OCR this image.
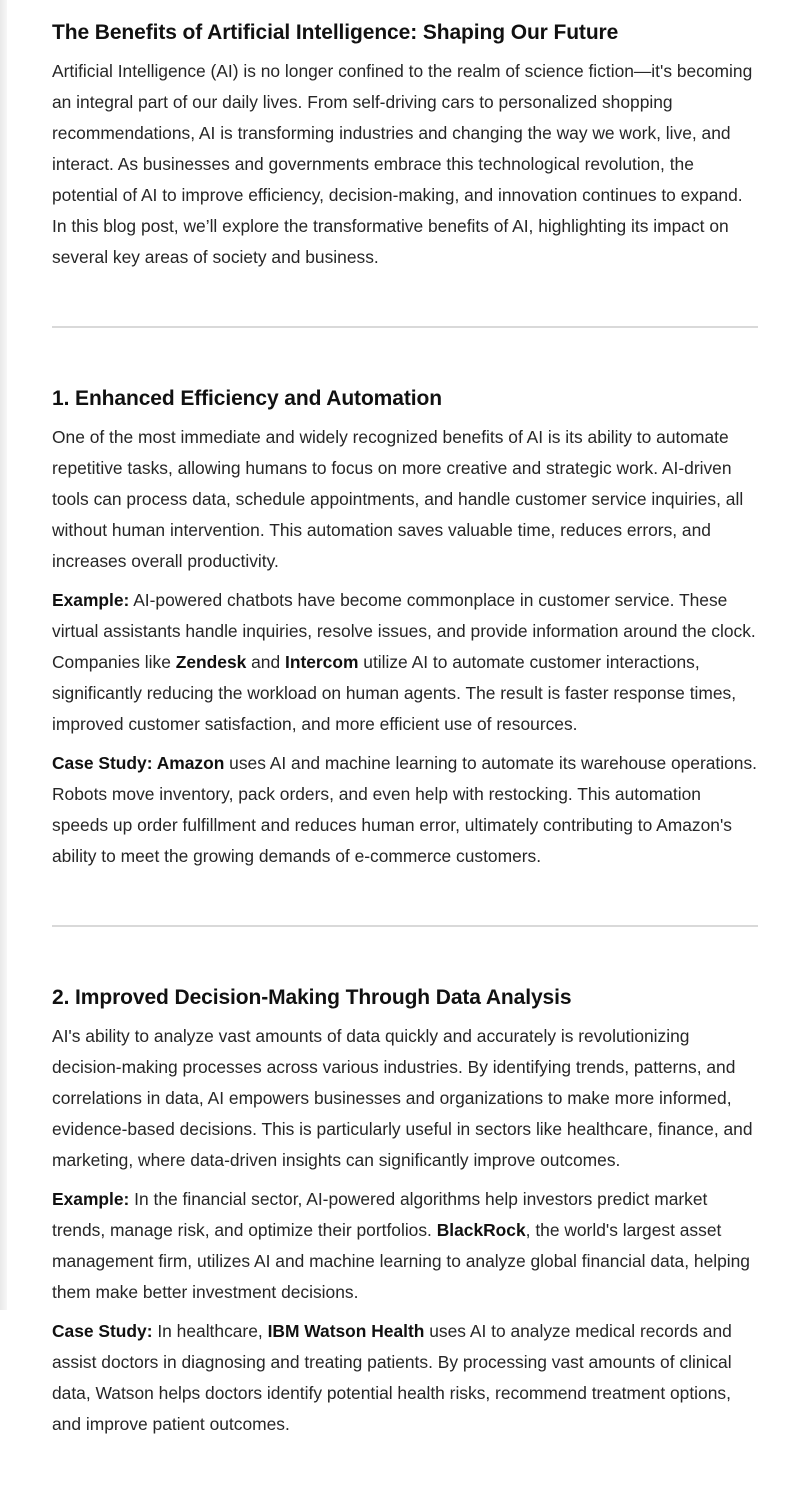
The Benefits of Artificial Intelligence: Shaping Our Future

Artificial Intelligence (AI) is no longer confined to the realm of science fiction—it's becoming an integral part of our daily lives. From self-driving cars to personalized shopping recommendations, AI is transforming industries and changing the way we work, live, and interact. As businesses and governments embrace this technological revolution, the potential of AI to improve efficiency, decision-making, and innovation continues to expand. In this blog post, we’ll explore the transformative benefits of AI, highlighting its impact on several key areas of society and business.

1. Enhanced Efficiency and Automation

One of the most immediate and widely recognized benefits of AI is its ability to automate repetitive tasks, allowing humans to focus on more creative and strategic work. AI-driven tools can process data, schedule appointments, and handle customer service inquiries, all without human intervention. This automation saves valuable time, reduces errors, and increases overall productivity.

Example: AI-powered chatbots have become commonplace in customer service. These virtual assistants handle inquiries, resolve issues, and provide information around the clock. Companies like Zendesk and Intercom utilize AI to automate customer interactions, significantly reducing the workload on human agents. The result is faster response times, improved customer satisfaction, and more efficient use of resources.

Case Study: Amazon uses AI and machine learning to automate its warehouse operations. Robots move inventory, pack orders, and even help with restocking. This automation speeds up order fulfillment and reduces human error, ultimately contributing to Amazon's ability to meet the growing demands of e-commerce customers.

2. Improved Decision-Making Through Data Analysis

AI's ability to analyze vast amounts of data quickly and accurately is revolutionizing decision-making processes across various industries. By identifying trends, patterns, and correlations in data, AI empowers businesses and organizations to make more informed, evidence-based decisions. This is particularly useful in sectors like healthcare, finance, and marketing, where data-driven insights can significantly improve outcomes.

Example: In the financial sector, AI-powered algorithms help investors predict market trends, manage risk, and optimize their portfolios. BlackRock, the world's largest asset management firm, utilizes AI and machine learning to analyze global financial data, helping them make better investment decisions.

Case Study: In healthcare, IBM Watson Health uses AI to analyze medical records and assist doctors in diagnosing and treating patients. By processing vast amounts of clinical data, Watson helps doctors identify potential health risks, recommend treatment options, and improve patient outcomes.
